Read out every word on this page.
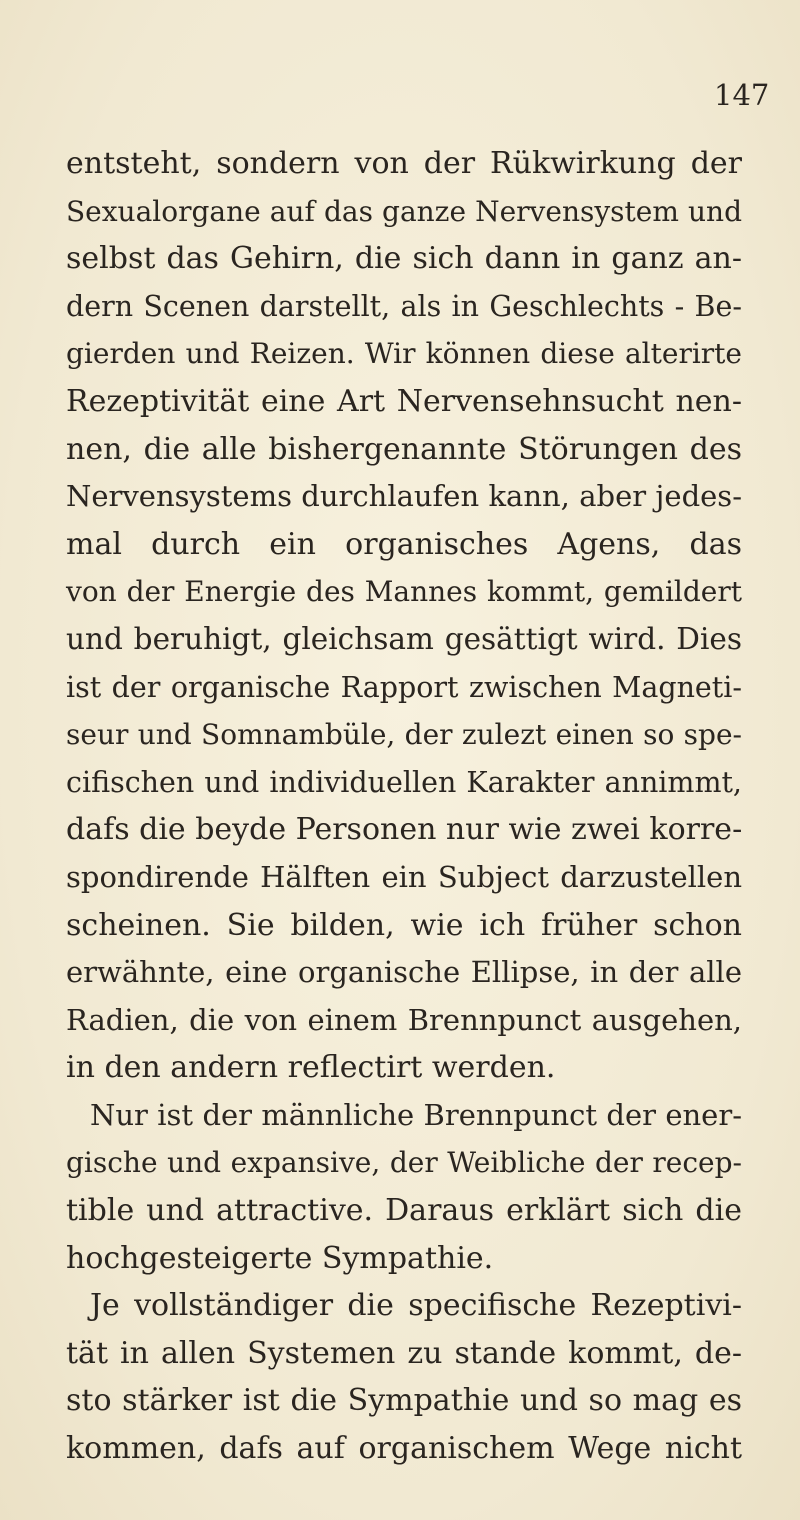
147
entsteht, sondern von der Rükwirkung der
Sexualorgane auf das ganze Nervensystem und
selbst das Gehirn, die sich dann in ganz an-
dern Scenen darstellt, als in Geschlechts - Be-
gierden und Reizen. Wir können diese alterirte
Rezeptivität eine Art Nervensehnsucht nen-
nen, die alle bishergenannte Störungen des
Nervensystems durchlaufen kann, aber jedes-
mal durch ein organisches Agens, das
von der Energie des Mannes kommt, gemildert
und beruhigt, gleichsam gesättigt wird. Dies
ist der organische Rapport zwischen Magneti-
seur und Somnambüle, der zulezt einen so spe-
cifischen und individuellen Karakter annimmt,
dafs die beyde Personen nur wie zwei korre-
spondirende Hälften ein Subject darzustellen
scheinen. Sie bilden, wie ich früher schon
erwähnte, eine organische Ellipse, in der alle
Radien, die von einem Brennpunct ausgehen,
in den andern reflectirt werden.
Nur ist der männliche Brennpunct der ener-
gische und expansive, der Weibliche der recep-
tible und attractive. Daraus erklärt sich die
hochgesteigerte Sympathie.
Je vollständiger die specifische Rezeptivi-
tät in allen Systemen zu stande kommt, de-
sto stärker ist die Sympathie und so mag es
kommen, dafs auf organischem Wege nicht
